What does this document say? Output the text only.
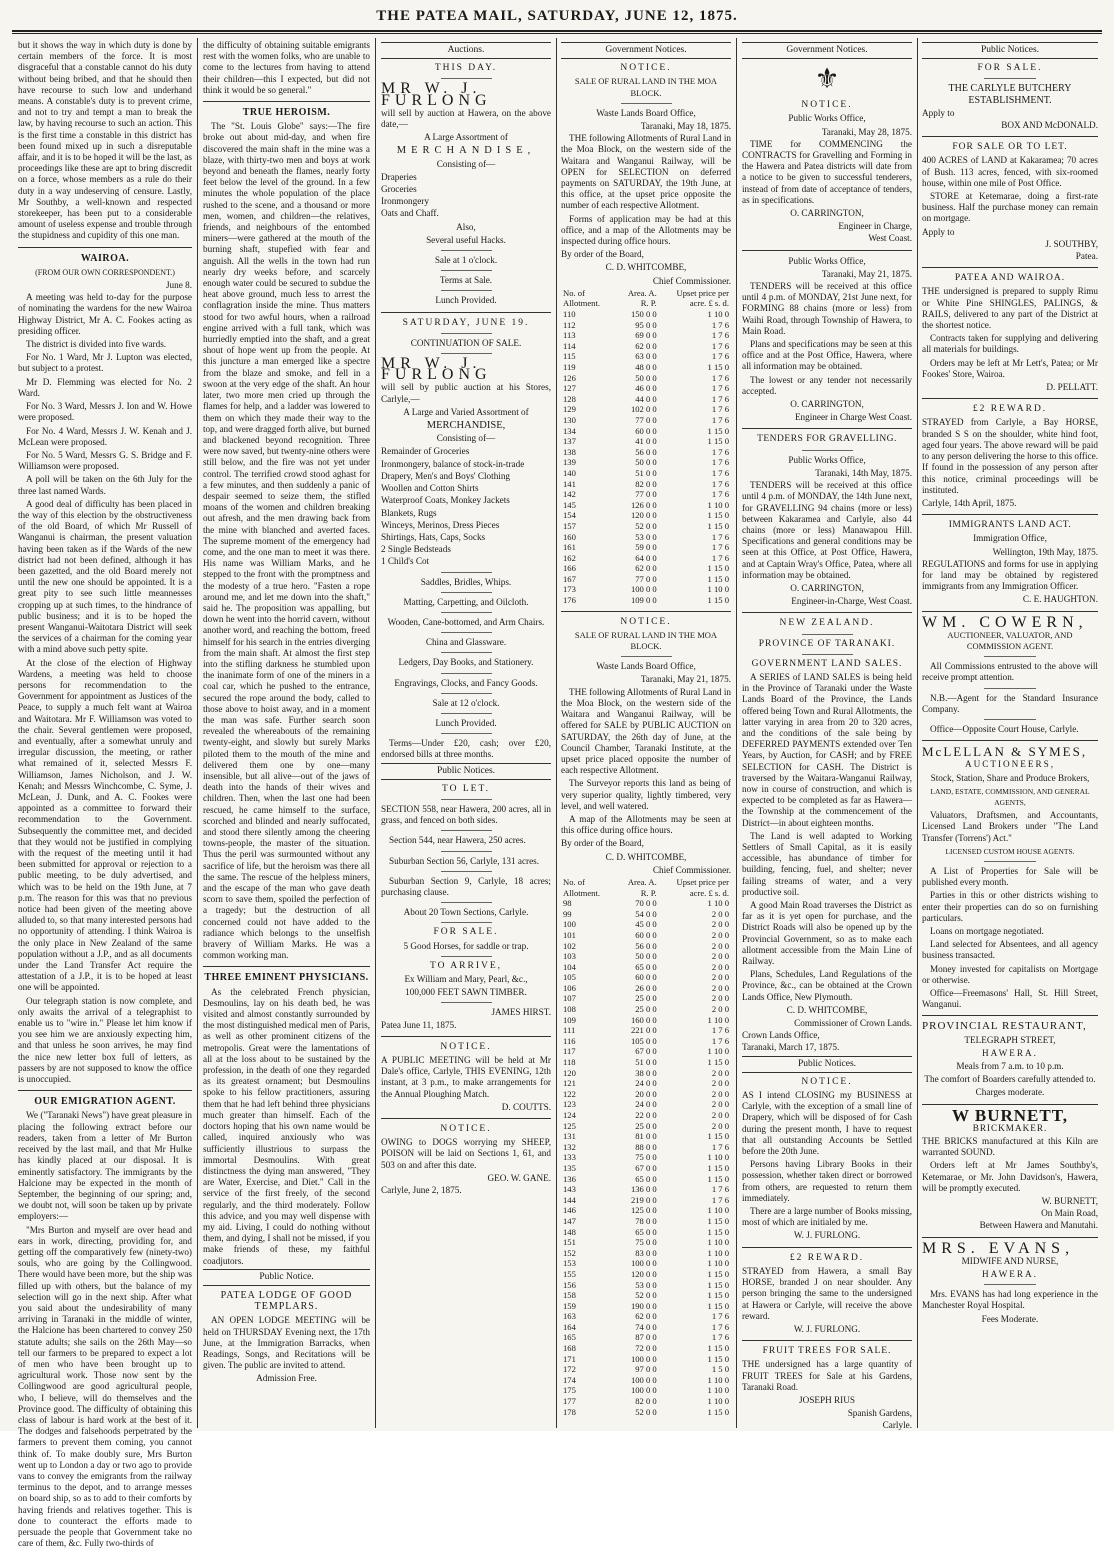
THE PATEA MAIL, SATURDAY, JUNE 12, 1875.

but it shows the way in which duty is done by certain members of the force. It is most disgraceful that a constable cannot do his duty without being bribed, and that he should then have recourse to such low and underhand means. A constable's duty is to prevent crime, and not to try and tempt a man to break the law, by having recourse to such an action. This is the first time a constable in this district has been found mixed up in such a disreputable affair, and it is to be hoped it will be the last, as proceedings like these are apt to bring discredit on a force, whose members as a rule do their duty in a way undeserving of censure. Lastly, Mr Southby, a well-known and respected storekeeper, has been put to a considerable amount of useless expense and trouble through the stupidness and cupidity of this one man.

WAIROA.
(FROM OUR OWN CORRESPONDENT.)
June 8.

A meeting was held to-day for the purpose of nominating the wardens for the new Wairoa Highway District, Mr A. C. Fookes acting as presiding officer.

The district is divided into five wards.

For No. 1 Ward, Mr J. Lupton was elected, but subject to a protest.

Mr D. Flemming was elected for No. 2 Ward.

For No. 3 Ward, Messrs J. Ion and W. Howe were proposed.

For No. 4 Ward, Messrs J. W. Kenah and J. McLean were proposed.

For No. 5 Ward, Messrs G. S. Bridge and F. Williamson were proposed.

A poll will be taken on the 6th July for the three last named Wards.

A good deal of difficulty has been placed in the way of this election by the obstructiveness of the old Board, of which Mr Russell of Wanganui is chairman, the present valuation having been taken as if the Wards of the new district had not been defined, although it has been gazetted, and the old Board merely not until the new one should be appointed. It is a great pity to see such little meannesses cropping up at such times, to the hindrance of public business; and it is to be hoped the present Wanganui-Waitotara District will seek the services of a chairman for the coming year with a mind above such petty spite.

At the close of the election of Highway Wardens, a meeting was held to choose persons for recommendation to the Government for appointment as Justices of the Peace, to supply a much felt want at Wairoa and Waitotara. Mr F. Williamson was voted to the chair. Several gentlemen were proposed, and eventually, after a somewhat unruly and irregular discussion, the meeting, or rather what remained of it, selected Messrs F. Williamson, James Nicholson, and J. W. Kenah; and Messrs Winchcombe, C. Syme, J. McLean, J. Dunk, and A. C. Fookes were appointed as a committee to forward their recommendation to the Government. Subsequently the committee met, and decided that they would not be justified in complying with the request of the meeting until it had been submitted for approval or rejection to a public meeting, to be duly advertised, and which was to be held on the 19th June, at 7 p.m. The reason for this was that no previous notice had been given of the meeting above alluded to, so that many interested persons had no opportunity of attending. I think Wairoa is the only place in New Zealand of the same population without a J.P., and as all documents under the Land Transfer Act require the attestation of a J.P., it is to be hoped at least one will be appointed.

Our telegraph station is now complete, and only awaits the arrival of a telegraphist to enable us to "wire in." Please let him know if you see him we are anxiously expecting him, and that unless he soon arrives, he may find the nice new letter box full of letters, as passers by are not supposed to know the office is unoccupied.

OUR EMIGRATION AGENT.

We ("Taranaki News") have great pleasure in placing the following extract before our readers, taken from a letter of Mr Burton received by the last mail, and that Mr Hulke has kindly placed at our disposal. It is eminently satisfactory. The immigrants by the Halcione may be expected in the month of September, the beginning of our spring; and, we doubt not, will soon be taken up by private employers:—

"Mrs Burton and myself are over head and ears in work, directing, providing for, and getting off the comparatively few (ninety-two) souls, who are going by the Collingwood. There would have been more, but the ship was filled up with others, but the balance of my selection will go in the next ship. After what you said about the undesirability of many arriving in Taranaki in the middle of winter, the Halcione has been chartered to convey 250 statute adults; she sails on the 26th May—so tell our farmers to be prepared to expect a lot of men who have been brought up to agricultural work. Those now sent by the Collingwood are good agricultural people, who, I believe, will do themselves and the Province good. The difficulty of obtaining this class of labour is hard work at the best of it. The dodges and falsehoods perpetrated by the farmers to prevent them coming, you cannot think of. To make doubly sure, Mrs Burton went up to London a day or two ago to provide vans to convey the emigrants from the railway terminus to the depot, and to arrange messes on board ship, so as to add to their comforts by having friends and relatives together. This is done to counteract the efforts made to persuade the people that Government take no care of them, &c. Fully two-thirds of

the difficulty of obtaining suitable emigrants rest with the women folks, who are unable to come to the lectures from having to attend their children—this I expected, but did not think it would be so general."

TRUE HEROISM.

The "St. Louis Globe" says:—The fire broke out about mid-day, and when fire discovered the main shaft in the mine was a blaze, with thirty-two men and boys at work beyond and beneath the flames, nearly forty feet below the level of the ground. In a few minutes the whole population of the place rushed to the scene, and a thousand or more men, women, and children—the relatives, friends, and neighbours of the entombed miners—were gathered at the mouth of the burning shaft, stupefied with fear and anguish. All the wells in the town had run nearly dry weeks before, and scarcely enough water could be secured to subdue the heat above ground, much less to arrest the conflagration inside the mine. Thus matters stood for two awful hours, when a railroad engine arrived with a full tank, which was hurriedly emptied into the shaft, and a great shout of hope went up from the people. At this juncture a man emerged like a spectre from the blaze and smoke, and fell in a swoon at the very edge of the shaft. An hour later, two more men cried up through the flames for help, and a ladder was lowered to them on which they made their way to the top, and were dragged forth alive, but burned and blackened beyond recognition. Three were now saved, but twenty-nine others were still below, and the fire was not yet under control. The terrified crowd stood aghast for a few minutes, and then suddenly a panic of despair seemed to seize them, the stifled moans of the women and children breaking out afresh, and the men drawing back from the mine with blanched and averted faces. The supreme moment of the emergency had come, and the one man to meet it was there. His name was William Marks, and he stepped to the front with the promptness and the modesty of a true hero. "Fasten a rope around me, and let me down into the shaft," said he. The proposition was appalling, but down he went into the horrid cavern, without another word, and reaching the bottom, freed himself for his search in the entries diverging from the main shaft. At almost the first step into the stifling darkness he stumbled upon the inanimate form of one of the miners in a coal car, which he pushed to the entrance, secured the rope around the body, called to those above to hoist away, and in a moment the man was safe. Further search soon revealed the whereabouts of the remaining twenty-eight, and slowly but surely Marks piloted them to the mouth of the mine and delivered them one by one—many insensible, but all alive—out of the jaws of death into the hands of their wives and children. Then, when the last one had been rescued, he came himself to the surface, scorched and blinded and nearly suffocated, and stood there silently among the cheering towns-people, the master of the situation. Thus the peril was surmounted without any sacrifice of life, but the heroism was there all the same. The rescue of the helpless miners, and the escape of the man who gave death scorn to save them, spoiled the perfection of a tragedy; but the destruction of all concerned could not have added to the radiance which belongs to the unselfish bravery of William Marks. He was a common working man.

THREE EMINENT PHYSICIANS.

As the celebrated French physician, Desmoulins, lay on his death bed, he was visited and almost constantly surrounded by the most distinguished medical men of Paris, as well as other prominent citizens of the metropolis. Great were the lamentations of all at the loss about to be sustained by the profession, in the death of one they regarded as its greatest ornament; but Desmoulins spoke to his fellow practitioners, assuring them that he had left behind three physicians much greater than himself. Each of the doctors hoping that his own name would be called, inquired anxiously who was sufficiently illustrious to surpass the immortal Desmoulins. With great distinctness the dying man answered, "They are Water, Exercise, and Diet." Call in the service of the first freely, of the second regularly, and the third moderately. Follow this advice, and you may well dispense with my aid. Living, I could do nothing without them, and dying, I shall not be missed, if you make friends of these, my faithful coadjutors.

Public Notice.
PATEA LODGE OF GOOD TEMPLARS.

AN OPEN LODGE MEETING will be held on THURSDAY Evening next, the 17th June, at the Immigration Barracks, when Readings, Songs, and Recitations will be given. The public are invited to attend.

Admission Free.
Auctions.
THIS DAY.
MR W. J. FURLONG

will sell by auction at Hawera, on the above date,—

A Large Assortment of
MERCHANDISE,
Consisting of—
Draperies
Groceries
Ironmongery
Oats and Chaff.
Also,
Several useful Hacks.
Sale at 1 o'clock.
Terms at Sale.
Lunch Provided.
SATURDAY, JUNE 19.
CONTINUATION OF SALE.
MR W. J. FURLONG

will sell by public auction at his Stores, Carlyle,—

A Large and Varied Assortment of
MERCHANDISE,
Consisting of—
Remainder of Groceries
Ironmongery, balance of stock-in-trade
Drapery, Men's and Boys' Clothing
Woollen and Cotton Shirts
Waterproof Coats, Monkey Jackets
Blankets, Rugs
Winceys, Merinos, Dress Pieces
Shirtings, Hats, Caps, Socks
2 Single Bedsteads
1 Child's Cot
Saddles, Bridles, Whips.
Matting, Carpetting, and Oilcloth.
Wooden, Cane-bottomed, and Arm Chairs.
China and Glassware.
Ledgers, Day Books, and Stationery.
Engravings, Clocks, and Fancy Goods.
Sale at 12 o'clock.
Lunch Provided.

Terms—Under £20, cash; over £20, endorsed bills at three months.

Public Notices.
TO LET.

SECTION 558, near Hawera, 200 acres, all in grass, and fenced on both sides.

Section 544, near Hawera, 250 acres.

Suburban Section 56, Carlyle, 131 acres.

Suburban Section 9, Carlyle, 18 acres; purchasing clause.

About 20 Town Sections, Carlyle.
FOR SALE.
5 Good Horses, for saddle or trap.
TO ARRIVE,
Ex William and Mary, Pearl, &c.,
100,000 FEET SAWN TIMBER.
JAMES HIRST.
Patea June 11, 1875.
NOTICE.

A PUBLIC MEETING will be held at Mr Dale's office, Carlyle, THIS EVENING, 12th instant, at 3 p.m., to make arrangements for the Annual Ploughing Match.

D. COUTTS.
NOTICE.

OWING to DOGS worrying my SHEEP, POISON will be laid on Sections 1, 61, and 503 on and after this date.

GEO. W. GANE.
Carlyle, June 2, 1875.
Government Notices.
NOTICE.
SALE OF RURAL LAND IN THE MOA BLOCK.
Waste Lands Board Office,
Taranaki, May 18, 1875.

THE following Allotments of Rural Land in the Moa Block, on the western side of the Waitara and Wanganui Railway, will be OPEN for SELECTION on deferred payments on SATURDAY, the 19th June, at this office, at the upset price opposite the number of each respective Allotment.

Forms of application may be had at this office, and a map of the Allotments may be inspected during office hours.

By order of the Board,
C. D. WHITCOMBE,
Chief Commissioner.
No. of Allotment.	Area. A. R. P.	Upset price per acre. £ s. d.
110	150 0 0	1 10 0
112	95 0 0	1 7 6
113	69 0 0	1 7 6
114	62 0 0	1 7 6
115	63 0 0	1 7 6
119	48 0 0	1 15 0
126	50 0 0	1 7 6
127	46 0 0	1 7 6
128	44 0 0	1 7 6
129	102 0 0	1 7 6
130	77 0 0	1 7 6
134	60 0 0	1 15 0
137	41 0 0	1 15 0
138	56 0 0	1 7 6
139	50 0 0	1 7 6
140	51 0 0	1 7 6
141	82 0 0	1 7 6
142	77 0 0	1 7 6
145	126 0 0	1 10 0
154	120 0 0	1 15 0
157	52 0 0	1 15 0
160	53 0 0	1 7 6
161	59 0 0	1 7 6
162	64 0 0	1 7 6
166	62 0 0	1 15 0
167	77 0 0	1 15 0
173	100 0 0	1 10 0
176	109 0 0	1 15 0
NOTICE.
SALE OF RURAL LAND IN THE MOA BLOCK.
Waste Lands Board Office,
Taranaki, May 21, 1875.

THE following Allotments of Rural Land in the Moa Block, on the western side of the Waitara and Wanganui Railway, will be offered for SALE by PUBLIC AUCTION on SATURDAY, the 26th day of June, at the Council Chamber, Taranaki Institute, at the upset price placed opposite the number of each respective Allotment.

The Surveyor reports this land as being of very superior quality, lightly timbered, very level, and well watered.

A map of the Allotments may be seen at this office during office hours.

By order of the Board,
C. D. WHITCOMBE,
Chief Commissioner.
No. of Allotment.	Area. A. R. P.	Upset price per acre. £ s. d.
98	70 0 0	1 10 0
99	54 0 0	2 0 0
100	45 0 0	2 0 0
101	60 0 0	2 0 0
102	56 0 0	2 0 0
103	50 0 0	2 0 0
104	65 0 0	2 0 0
105	60 0 0	2 0 0
106	26 0 0	2 0 0
107	25 0 0	2 0 0
108	25 0 0	2 0 0
109	160 0 0	1 10 0
111	221 0 0	1 7 6
116	105 0 0	1 7 6
117	67 0 0	1 10 0
118	51 0 0	1 15 0
120	38 0 0	2 0 0
121	24 0 0	2 0 0
122	20 0 0	2 0 0
123	24 0 0	2 0 0
124	22 0 0	2 0 0
125	25 0 0	2 0 0
131	81 0 0	1 15 0
132	88 0 0	1 7 6
133	75 0 0	1 10 0
135	67 0 0	1 15 0
136	65 0 0	1 15 0
143	136 0 0	1 7 6
144	219 0 0	1 7 6
146	125 0 0	1 10 0
147	78 0 0	1 15 0
148	65 0 0	1 15 0
151	75 0 0	1 10 0
152	83 0 0	1 10 0
153	100 0 0	1 10 0
155	120 0 0	1 15 0
156	53 0 0	1 15 0
158	52 0 0	1 15 0
159	190 0 0	1 15 0
163	62 0 0	1 7 6
164	74 0 0	1 7 6
165	87 0 0	1 7 6
168	72 0 0	1 15 0
171	100 0 0	1 15 0
172	97 0 0	1 5 0
174	100 0 0	1 10 0
175	100 0 0	1 10 0
177	82 0 0	1 10 0
178	52 0 0	1 15 0
Government Notices.
⚜
NOTICE.
Public Works Office,
Taranaki, May 28, 1875.

TIME for COMMENCING the CONTRACTS for Gravelling and Forming in the Hawera and Patea districts will date from a notice to be given to successful tenderers, instead of from date of acceptance of tenders, as in specifications.

O. CARRINGTON,
Engineer in Charge,
West Coast.
Public Works Office,
Taranaki, May 21, 1875.

TENDERS will be received at this office until 4 p.m. of MONDAY, 21st June next, for FORMING 88 chains (more or less) from Waihi Road, through Township of Hawera, to Main Road.

Plans and specifications may be seen at this office and at the Post Office, Hawera, where all information may be obtained.

The lowest or any tender not necessarily accepted.

O. CARRINGTON,
Engineer in Charge West Coast.
TENDERS FOR GRAVELLING.
Public Works Office,
Taranaki, 14th May, 1875.

TENDERS will be received at this office until 4 p.m. of MONDAY, the 14th June next, for GRAVELLING 94 chains (more or less) between Kakaramea and Carlyle, also 44 chains (more or less) Manawapou Hill. Specifications and general conditions may be seen at this Office, at Post Office, Hawera, and at Captain Wray's Office, Patea, where all information may be obtained.

O. CARRINGTON,
Engineer-in-Charge, West Coast.
NEW ZEALAND.
PROVINCE OF TARANAKI.
GOVERNMENT LAND SALES.

A SERIES of LAND SALES is being held in the Province of Taranaki under the Waste Lands Board of the Province, the Lands offered being Town and Rural Allotments, the latter varying in area from 20 to 320 acres, and the conditions of the sale being by DEFERRED PAYMENTS extended over Ten Years, by Auction, for CASH; and by FREE SELECTION for CASH. The District is traversed by the Waitara-Wanganui Railway, now in course of construction, and which is expected to be completed as far as Hawera—the Township at the commencement of the District—in about eighteen months.

The Land is well adapted to Working Settlers of Small Capital, as it is easily accessible, has abundance of timber for building, fencing, fuel, and shelter; never failing streams of water, and a very productive soil.

A good Main Road traverses the District as far as it is yet open for purchase, and the District Roads will also be opened up by the Provincial Government, so as to make each allotment accessible from the Main Line of Railway.

Plans, Schedules, Land Regulations of the Province, &c., can be obtained at the Crown Lands Office, New Plymouth.

C. D. WHITCOMBE,
Commissioner of Crown Lands.
Crown Lands Office,
Taranaki, March 17, 1875.
Public Notices.
NOTICE.

AS I intend CLOSING my BUSINESS at Carlyle, with the exception of a small line of Drapery, which will be disposed of for Cash during the present month, I have to request that all outstanding Accounts be Settled before the 20th June.

Persons having Library Books in their possession, whether taken direct or borrowed from others, are requested to return them immediately.

There are a large number of Books missing, most of which are initialed by me.

W. J. FURLONG.
£2 REWARD.

STRAYED from Hawera, a small Bay HORSE, branded J on near shoulder. Any person bringing the same to the undersigned at Hawera or Carlyle, will receive the above reward.

W. J. FURLONG.
FRUIT TREES FOR SALE.

THE undersigned has a large quantity of FRUIT TREES for Sale at his Gardens, Taranaki Road.

JOSEPH RIUS
Spanish Gardens,
Carlyle.
Public Notices.
FOR SALE.
THE CARLYLE BUTCHERY ESTABLISHMENT.
Apply to
BOX AND McDONALD.
FOR SALE OR TO LET.

400 ACRES of LAND at Kakaramea; 70 acres of Bush. 113 acres, fenced, with six-roomed house, within one mile of Post Office.

STORE at Ketemarae, doing a first-rate business. Half the purchase money can remain on mortgage.

Apply to
J. SOUTHBY,
Patea.
PATEA AND WAIROA.

THE undersigned is prepared to supply Rimu or White Pine SHINGLES, PALINGS, & RAILS, delivered to any part of the District at the shortest notice.

Contracts taken for supplying and delivering all materials for buildings.

Orders may be left at Mr Lett's, Patea; or Mr Fookes' Store, Wairoa.

D. PELLATT.
£2 REWARD.

STRAYED from Carlyle, a Bay HORSE, branded S S on the shoulder, white hind foot, aged four years. The above reward will be paid to any person delivering the horse to this office. If found in the possession of any person after this notice, criminal proceedings will be instituted.

Carlyle, 14th April, 1875.
IMMIGRANTS LAND ACT.
Immigration Office,
Wellington, 19th May, 1875.

REGULATIONS and forms for use in applying for land may be obtained by registered immigrants from any Immigration Officer.

C. E. HAUGHTON.
WM. COWERN,
AUCTIONEER, VALUATOR, AND COMMISSION AGENT.

All Commissions entrusted to the above will receive prompt attention.

N.B.—Agent for the Standard Insurance Company.

Office—Opposite Court House, Carlyle.

McLELLAN & SYMES,
AUCTIONEERS,
Stock, Station, Share and Produce Brokers,
LAND, ESTATE, COMMISSION, AND GENERAL AGENTS,

Valuators, Draftsmen, and Accountants, Licensed Land Brokers under "The Land Transfer (Torrens') Act."

LICENSED CUSTOM HOUSE AGENTS.

A List of Properties for Sale will be published every month.

Parties in this or other districts wishing to enter their properties can do so on furnishing particulars.

Loans on mortgage negotiated.

Land selected for Absentees, and all agency business transacted.

Money invested for capitalists on Mortgage or otherwise.

Office—Freemasons' Hall, St. Hill Street, Wanganui.

PROVINCIAL RESTAURANT,
TELEGRAPH STREET,
HAWERA.
Meals from 7 a.m. to 10 p.m.
The comfort of Boarders carefully attended to.
Charges moderate.
W BURNETT,
BRICKMAKER.

THE BRICKS manufactured at this Kiln are warranted SOUND.

Orders left at Mr James Southby's, Ketemarae, or Mr. John Davidson's, Hawera, will be promptly executed.

W. BURNETT,
On Main Road,
Between Hawera and Manutahi.
MRS. EVANS,
MIDWIFE AND NURSE,
HAWERA.

Mrs. EVANS has had long experience in the Manchester Royal Hospital.

Fees Moderate.
